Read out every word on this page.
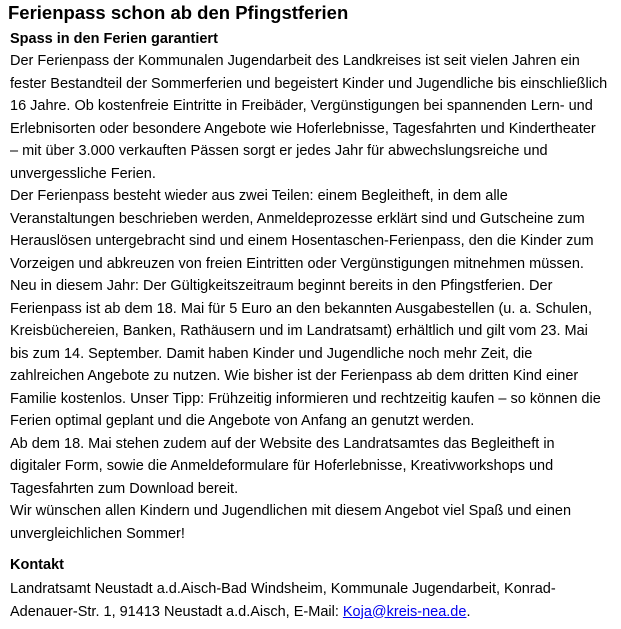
Ferienpass schon ab den Pfingstferien
Spass in den Ferien garantiert
Der Ferienpass der Kommunalen Jugendarbeit des Landkreises ist seit vielen Jahren ein
fester Bestandteil der Sommerferien und begeistert Kinder und Jugendliche bis einschließlich
16 Jahre. Ob kostenfreie Eintritte in Freibäder, Vergünstigungen bei spannenden Lern- und
Erlebnisorten oder besondere Angebote wie Hoferlebnisse, Tagesfahrten und Kindertheater
– mit über 3.000 verkauften Pässen sorgt er jedes Jahr für abwechslungsreiche und
unvergessliche Ferien.
Der Ferienpass besteht wieder aus zwei Teilen: einem Begleitheft, in dem alle
Veranstaltungen beschrieben werden, Anmeldeprozesse erklärt sind und Gutscheine zum
Herauslösen untergebracht sind und einem Hosentaschen-Ferienpass, den die Kinder zum
Vorzeigen und abkreuzen von freien Eintritten oder Vergünstigungen mitnehmen müssen.
Neu in diesem Jahr: Der Gültigkeitszeitraum beginnt bereits in den Pfingstferien. Der
Ferienpass ist ab dem 18. Mai für 5 Euro an den bekannten Ausgabestellen (u. a. Schulen,
Kreisbüchereien, Banken, Rathäusern und im Landratsamt) erhältlich und gilt vom 23. Mai
bis zum 14. September. Damit haben Kinder und Jugendliche noch mehr Zeit, die
zahlreichen Angebote zu nutzen. Wie bisher ist der Ferienpass ab dem dritten Kind einer
Familie kostenlos. Unser Tipp: Frühzeitig informieren und rechtzeitig kaufen – so können die
Ferien optimal geplant und die Angebote von Anfang an genutzt werden.
Ab dem 18. Mai stehen zudem auf der Website des Landratsamtes das Begleitheft in
digitaler Form, sowie die Anmeldeformulare für Hoferlebnisse, Kreativworkshops und
Tagesfahrten zum Download bereit.
Wir wünschen allen Kindern und Jugendlichen mit diesem Angebot viel Spaß und einen
unvergleichlichen Sommer!
Kontakt
Landratsamt Neustadt a.d.Aisch-Bad Windsheim, Kommunale Jugendarbeit, Konrad-
Adenauer-Str. 1, 91413 Neustadt a.d.Aisch, E-Mail: Koja@kreis-nea.de.
